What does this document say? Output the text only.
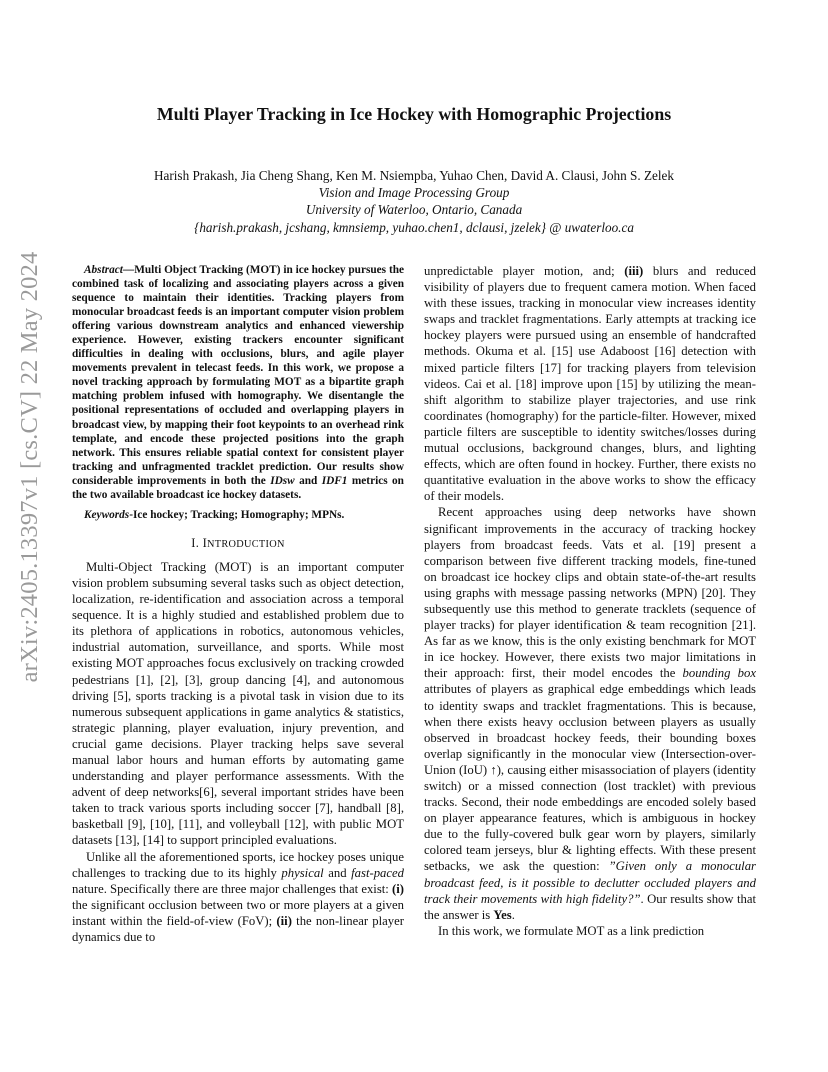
arXiv:2405.13397v1 [cs.CV] 22 May 2024
Multi Player Tracking in Ice Hockey with Homographic Projections
Harish Prakash, Jia Cheng Shang, Ken M. Nsiempba, Yuhao Chen, David A. Clausi, John S. Zelek
Vision and Image Processing Group
University of Waterloo, Ontario, Canada
{harish.prakash, jcshang, kmnsiemp, yuhao.chen1, dclausi, jzelek} @ uwaterloo.ca

Abstract—Multi Object Tracking (MOT) in ice hockey pursues the combined task of localizing and associating players across a given sequence to maintain their identities. Tracking players from monocular broadcast feeds is an important computer vision problem offering various downstream analytics and enhanced viewership experience. However, existing trackers encounter significant difficulties in dealing with occlusions, blurs, and agile player movements prevalent in telecast feeds. In this work, we propose a novel tracking approach by formulating MOT as a bipartite graph matching problem infused with homography. We disentangle the positional representations of occluded and overlapping players in broadcast view, by mapping their foot keypoints to an overhead rink template, and encode these projected positions into the graph network. This ensures reliable spatial context for consistent player tracking and unfragmented tracklet prediction. Our results show considerable improvements in both the IDsw and IDF1 metrics on the two available broadcast ice hockey datasets.

Keywords-Ice hockey; Tracking; Homography; MPNs.

I. INTRODUCTION

Multi-Object Tracking (MOT) is an important computer vision problem subsuming several tasks such as object detection, localization, re-identification and association across a temporal sequence. It is a highly studied and established problem due to its plethora of applications in robotics, autonomous vehicles, industrial automation, surveillance, and sports. While most existing MOT approaches focus exclusively on tracking crowded pedestrians [1], [2], [3], group dancing [4], and autonomous driving [5], sports tracking is a pivotal task in vision due to its numerous subsequent applications in game analytics & statistics, strategic planning, player evaluation, injury prevention, and crucial game decisions. Player tracking helps save several manual labor hours and human efforts by automating game understanding and player performance assessments. With the advent of deep networks[6], several important strides have been taken to track various sports including soccer [7], handball [8], basketball [9], [10], [11], and volleyball [12], with public MOT datasets [13], [14] to support principled evaluations.

Unlike all the aforementioned sports, ice hockey poses unique challenges to tracking due to its highly physical and fast-paced nature. Specifically there are three major challenges that exist: (i) the significant occlusion between two or more players at a given instant within the field-of-view (FoV); (ii) the non-linear player dynamics due to

unpredictable player motion, and; (iii) blurs and reduced visibility of players due to frequent camera motion. When faced with these issues, tracking in monocular view increases identity swaps and tracklet fragmentations. Early attempts at tracking ice hockey players were pursued using an ensemble of handcrafted methods. Okuma et al. [15] use Adaboost [16] detection with mixed particle filters [17] for tracking players from television videos. Cai et al. [18] improve upon [15] by utilizing the mean-shift algorithm to stabilize player trajectories, and use rink coordinates (homography) for the particle-filter. However, mixed particle filters are susceptible to identity switches/losses during mutual occlusions, background changes, blurs, and lighting effects, which are often found in hockey. Further, there exists no quantitative evaluation in the above works to show the efficacy of their models.

Recent approaches using deep networks have shown significant improvements in the accuracy of tracking hockey players from broadcast feeds. Vats et al. [19] present a comparison between five different tracking models, fine-tuned on broadcast ice hockey clips and obtain state-of-the-art results using graphs with message passing networks (MPN) [20]. They subsequently use this method to generate tracklets (sequence of player tracks) for player identification & team recognition [21]. As far as we know, this is the only existing benchmark for MOT in ice hockey. However, there exists two major limitations in their approach: first, their model encodes the bounding box attributes of players as graphical edge embeddings which leads to identity swaps and tracklet fragmentations. This is because, when there exists heavy occlusion between players as usually observed in broadcast hockey feeds, their bounding boxes overlap significantly in the monocular view (Intersection-over-Union (IoU) ↑), causing either misassociation of players (identity switch) or a missed connection (lost tracklet) with previous tracks. Second, their node embeddings are encoded solely based on player appearance features, which is ambiguous in hockey due to the fully-covered bulk gear worn by players, similarly colored team jerseys, blur & lighting effects. With these present setbacks, we ask the question: ”Given only a monocular broadcast feed, is it possible to declutter occluded players and track their movements with high fidelity?”. Our results show that the answer is Yes.

In this work, we formulate MOT as a link prediction
